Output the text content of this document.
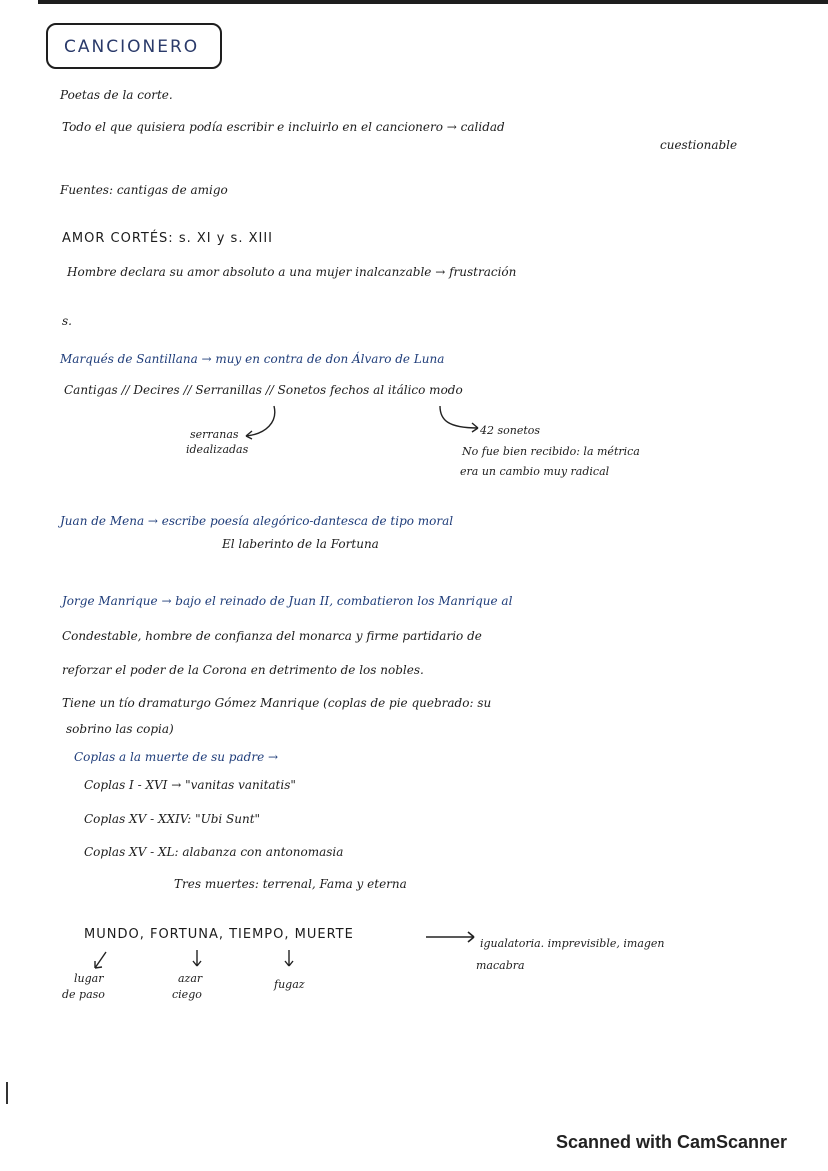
CANCIONERO
Poetas de la corte.
Todo el que quisiera podía escribir e incluirlo en el cancionero → calidad
cuestionable
Fuentes: cantigas de amigo
AMOR CORTÉS: s. XI y s. XIII
Hombre declara su amor absoluto a una mujer inalcanzable → frustración
s.
Marqués de Santillana → muy en contra de don Álvaro de Luna
Cantigas // Decires // Serranillas // Sonetos fechos al itálico modo
serranas
idealizadas
42 sonetos
No fue bien recibido: la métrica
era un cambio muy radical
Juan de Mena → escribe poesía alegórico-dantesca de tipo moral
El laberinto de la Fortuna
Jorge Manrique → bajo el reinado de Juan II, combatieron los Manrique al
Condestable, hombre de confianza del monarca y firme partidario de
reforzar el poder de la Corona en detrimento de los nobles.
Tiene un tío dramaturgo Gómez Manrique (coplas de pie quebrado: su
sobrino las copia)
Coplas a la muerte de su padre →
Coplas I - XVI → "vanitas vanitatis"
Coplas XV - XXIV: "Ubi Sunt"
Coplas XV - XL: alabanza con antonomasia
Tres muertes: terrenal, Fama y eterna
MUNDO, FORTUNA, TIEMPO, MUERTE
igualatoria. imprevisible, imagen
macabra
lugar
de paso
azar
ciego
fugaz
Scanned with CamScanner
